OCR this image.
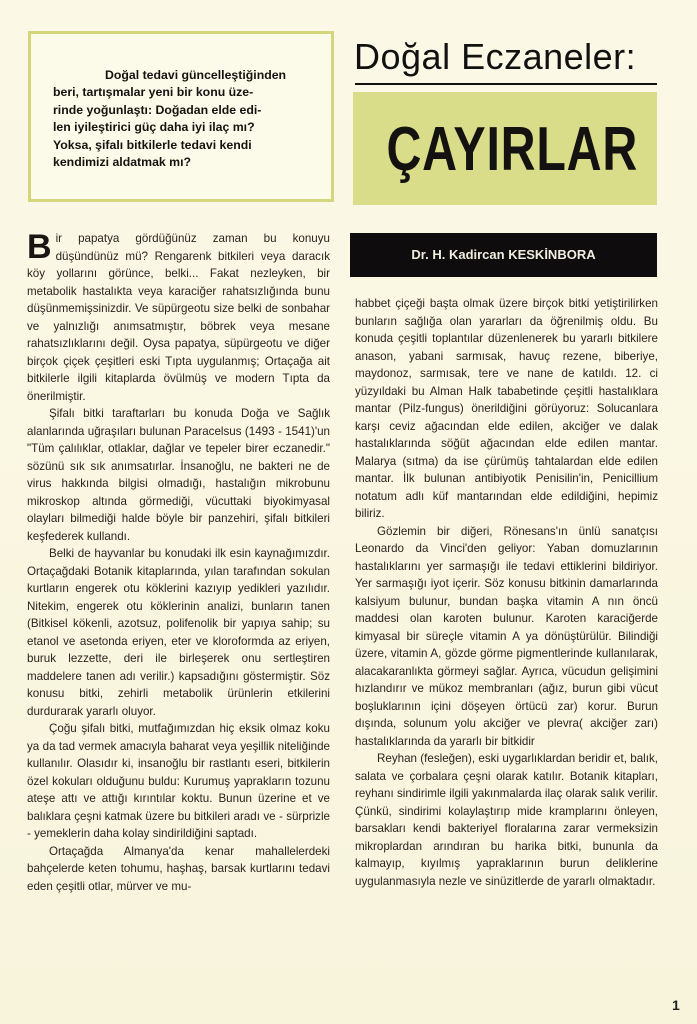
Doğal tedavi güncelleştiğinden
beri, tartışmalar yeni bir konu üze-
rinde yoğunlaştı: Doğadan elde edi-
len iyileştirici güç daha iyi ilaç mı?
Yoksa, şifalı bitkilerle tedavi kendi
kendimizi aldatmak mı?
Doğal Eczaneler:
ÇAYIRLAR
Dr. H. Kadircan KESKİNBORA

Bir papatya gördüğünüz zaman bu konuyu düşündünüz mü? Rengarenk bitkileri veya daracık köy yollarını görünce, belki... Fakat nezleyken, bir metabolik hastalıkta veya karaciğer rahatsızlığında bunu düşünmemişsinizdir. Ve süpürgeotu size belki de sonbahar ve yalnızlığı anımsatmıştır, böbrek veya mesane rahatsızlıklarını değil. Oysa papatya, süpürgeotu ve diğer birçok çiçek çeşitleri eski Tıpta uygulanmış; Ortaçağa ait bitkilerle ilgili kitaplarda övülmüş ve modern Tıpta da önerilmiştir.

Şifalı bitki taraftarları bu konuda Doğa ve Sağlık alanlarında uğraşıları bulunan Paracelsus (1493 - 1541)'un "Tüm çalılıklar, otlaklar, dağlar ve tepeler birer eczanedir." sözünü sık sık anımsatırlar. İnsanoğlu, ne bakteri ne de virus hakkında bilgisi olmadığı, hastalığın mikrobunu mikroskop altında görmediği, vücuttaki biyokimyasal olayları bilmediği halde böyle bir panzehiri, şifalı bitkileri keşfederek kullandı.

Belki de hayvanlar bu konudaki ilk esin kaynağımızdır. Ortaçağdaki Botanik kitaplarında, yılan tarafından sokulan kurtların engerek otu köklerini kazıyıp yedikleri yazılıdır. Nitekim, engerek otu köklerinin analizi, bunların tanen (Bitkisel kökenli, azotsuz, polifenolik bir yapıya sahip; su etanol ve asetonda eriyen, eter ve kloroformda az eriyen, buruk lezzette, deri ile birleşerek onu sertleştiren maddelere tanen adı verilir.) kapsadığını göstermiştir. Söz konusu bitki, zehirli metabolik ürünlerin etkilerini durdurarak yararlı oluyor.

Çoğu şifalı bitki, mutfağımızdan hiç eksik olmaz koku ya da tad vermek amacıyla baharat veya yeşillik niteliğinde kullanılır. Olasıdır ki, insanoğlu bir rastlantı eseri, bitkilerin özel kokuları olduğunu buldu: Kurumuş yaprakların tozunu ateşe attı ve attığı kırıntılar koktu. Bunun üzerine et ve balıklara çeşni katmak üzere bu bitkileri aradı ve - sürprizle - yemeklerin daha kolay sindirildiğini saptadı.

Ortaçağda Almanya'da kenar mahallelerdeki bahçelerde keten tohumu, haşhaş, barsak kurtlarını tedavi eden çeşitli otlar, mürver ve mu-

habbet çiçeği başta olmak üzere birçok bitki yetiştirilirken bunların sağlığa olan yararları da öğrenilmiş oldu. Bu konuda çeşitli toplantılar düzenlenerek bu yararlı bitkilere anason, yabani sarmısak, havuç rezene, biberiye, maydonoz, sarmısak, tere ve nane de katıldı. 12. ci yüzyıldaki bu Alman Halk tababetinde çeşitli hastalıklara mantar (Pilz-fungus) önerildiğini görüyoruz: Solucanlara karşı ceviz ağacından elde edilen, akciğer ve dalak hastalıklarında söğüt ağacından elde edilen mantar. Malarya (sıtma) da ise çürümüş tahtalardan elde edilen mantar. İlk bulunan antibiyotik Penisilin'in, Penicillium notatum adlı küf mantarından elde edildiğini, hepimiz biliriz.

Gözlemin bir diğeri, Rönesans'ın ünlü sanatçısı Leonardo da Vinci'den geliyor: Yaban domuzlarının hastalıklarını yer sarmaşığı ile tedavi ettiklerini bildiriyor. Yer sarmaşığı iyot içerir. Söz konusu bitkinin damarlarında kalsiyum bulunur, bundan başka vitamin A nın öncü maddesi olan karoten bulunur. Karoten karaciğerde kimyasal bir süreçle vitamin A ya dönüştürülür. Bilindiği üzere, vitamin A, gözde görme pigmentlerinde kullanılarak, alacakaranlıkta görmeyi sağlar. Ayrıca, vücudun gelişimini hızlandırır ve mükoz membranları (ağız, burun gibi vücut boşluklarının içini döşeyen örtücü zar) korur. Burun dışında, solunum yolu akciğer ve plevra( akciğer zarı) hastalıklarında da yararlı bir bitkidir

Reyhan (fesleğen), eski uygarlıklardan beridir et, balık, salata ve çorbalara çeşni olarak katılır. Botanik kitapları, reyhanı sindirimle ilgili yakınmalarda ilaç olarak salık verilir. Çünkü, sindirimi kolaylaştırıp mide kramplarını önleyen, barsakları kendi bakteriyel floralarına zarar vermeksizin mikroplardan arındıran bu harika bitki, bununla da kalmayıp, kıyılmış yapraklarının burun deliklerine uygulanmasıyla nezle ve sinüzitlerde de yararlı olmaktadır.

1
